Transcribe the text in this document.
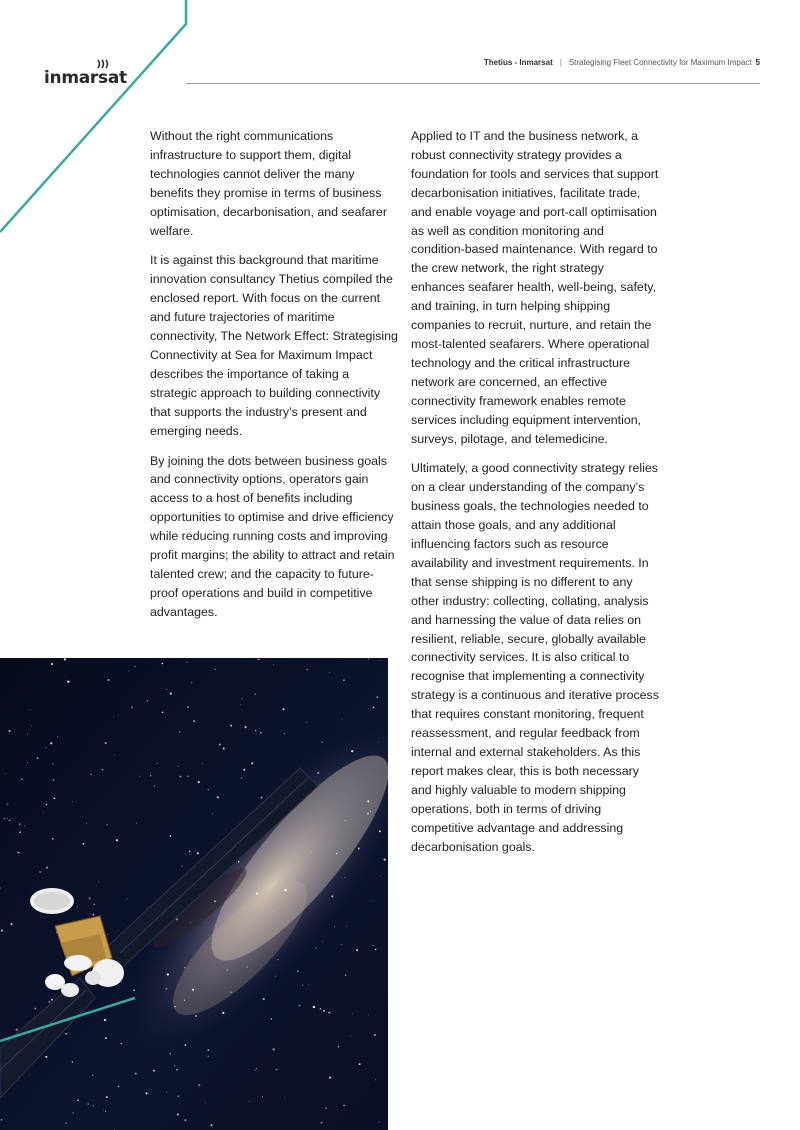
inmarsat
Thetius - Inmarsat | Strategising Fleet Connectivity for Maximum Impact 5

Without the right communications infrastructure to support them, digital technologies cannot deliver the many benefits they promise in terms of business optimisation, decarbonisation, and seafarer welfare.

It is against this background that maritime innovation consultancy Thetius compiled the enclosed report. With focus on the current and future trajectories of maritime connectivity, The Network Effect: Strategising Connectivity at Sea for Maximum Impact describes the importance of taking a strategic approach to building connectivity that supports the industry’s present and emerging needs.

By joining the dots between business goals and connectivity options, operators gain access to a host of benefits including opportunities to optimise and drive efficiency while reducing running costs and improving profit margins; the ability to attract and retain talented crew; and the capacity to future-proof operations and build in competitive advantages.

Applied to IT and the business network, a robust connectivity strategy provides a foundation for tools and services that support decarbonisation initiatives, facilitate trade, and enable voyage and port-call optimisation as well as condition monitoring and condition-based maintenance. With regard to the crew network, the right strategy enhances seafarer health, well-being, safety, and training, in turn helping shipping companies to recruit, nurture, and retain the most-talented seafarers. Where operational technology and the critical infrastructure network are concerned, an effective connectivity framework enables remote services including equipment intervention, surveys, pilotage, and telemedicine.

Ultimately, a good connectivity strategy relies on a clear understanding of the company’s business goals, the technologies needed to attain those goals, and any additional influencing factors such as resource availability and investment requirements. In that sense shipping is no different to any other industry: collecting, collating, analysis and harnessing the value of data relies on resilient, reliable, secure, globally available connectivity services. It is also critical to recognise that implementing a connectivity strategy is a continuous and iterative process that requires constant monitoring, frequent reassessment, and regular feedback from internal and external stakeholders. As this report makes clear, this is both necessary and highly valuable to modern shipping operations, both in terms of driving competitive advantage and addressing decarbonisation goals.
